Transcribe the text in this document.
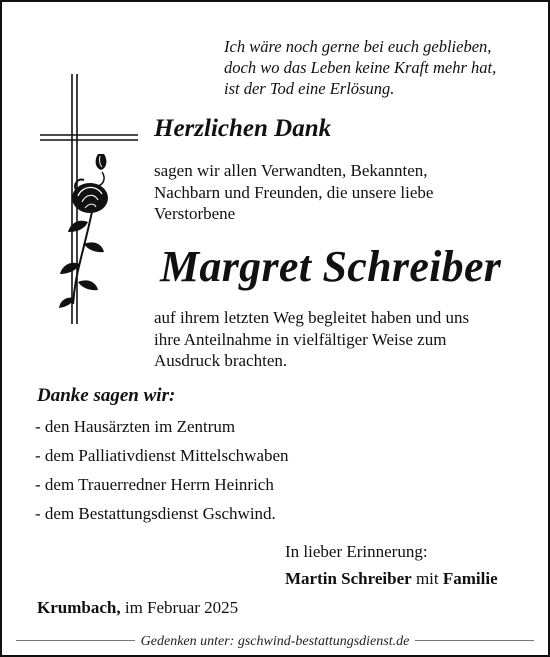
Ich wäre noch gerne bei euch geblieben,
doch wo das Leben keine Kraft mehr hat,
ist der Tod eine Erlösung.
Herzlichen Dank
sagen wir allen Verwandten, Bekannten,
Nachbarn und Freunden, die unsere liebe
Verstorbene
Margret Schreiber
auf ihrem letzten Weg begleitet haben und uns
ihre Anteilnahme in vielfältiger Weise zum
Ausdruck brachten.
Danke sagen wir:
- den Hausärzten im Zentrum
- dem Palliativdienst Mittelschwaben
- dem Trauerredner Herrn Heinrich
- dem Bestattungsdienst Gschwind.
In lieber Erinnerung:
Martin Schreiber mit Familie
Krumbach, im Februar 2025
Gedenken unter: gschwind-bestattungsdienst.de
